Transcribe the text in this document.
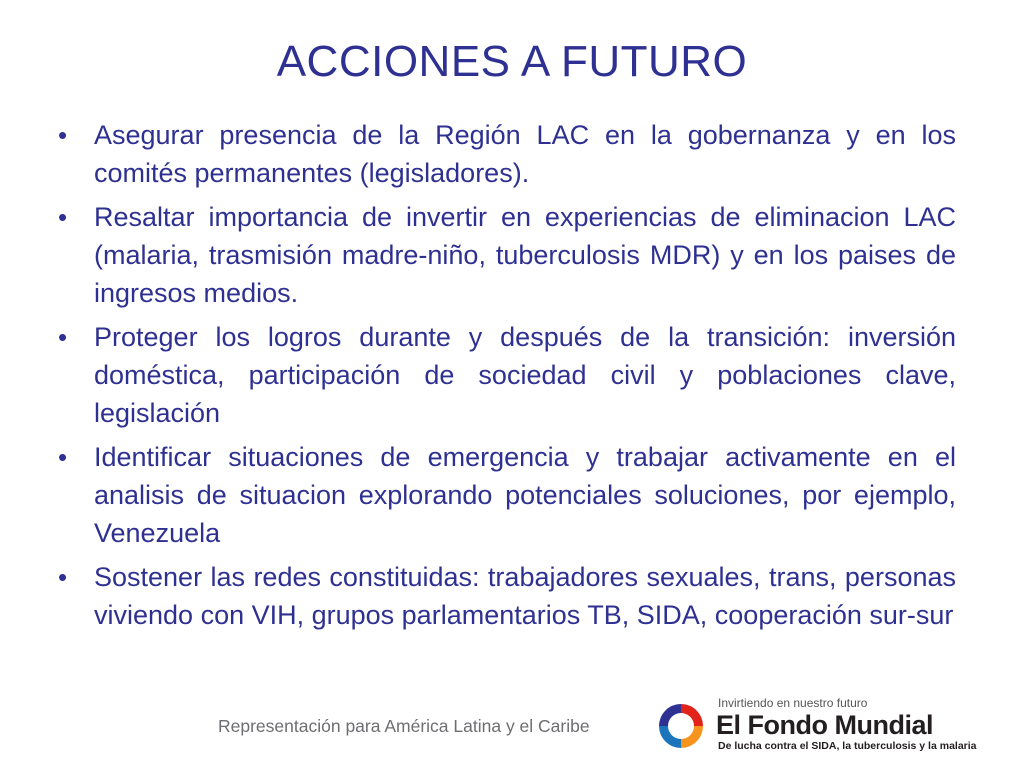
ACCIONES A FUTURO
• Asegurar presencia de la Región LAC en la gobernanza y en los comités permanentes (legisladores).
• Resaltar importancia de invertir en experiencias de eliminacion LAC (malaria, trasmisión madre-niño, tuberculosis MDR) y en los paises de ingresos medios.
• Proteger los logros durante y después de la transición: inversión doméstica, participación de sociedad civil y poblaciones clave, legislación
• Identificar situaciones de emergencia y trabajar activamente en el analisis de situacion explorando potenciales soluciones, por ejemplo, Venezuela
• Sostener las redes constituidas: trabajadores sexuales, trans, personas viviendo con VIH, grupos parlamentarios TB, SIDA, cooperación sur-sur
Representación para América Latina y el Caribe
Invirtiendo en nuestro futuro
El Fondo Mundial
De lucha contra el SIDA, la tuberculosis y la malaria
